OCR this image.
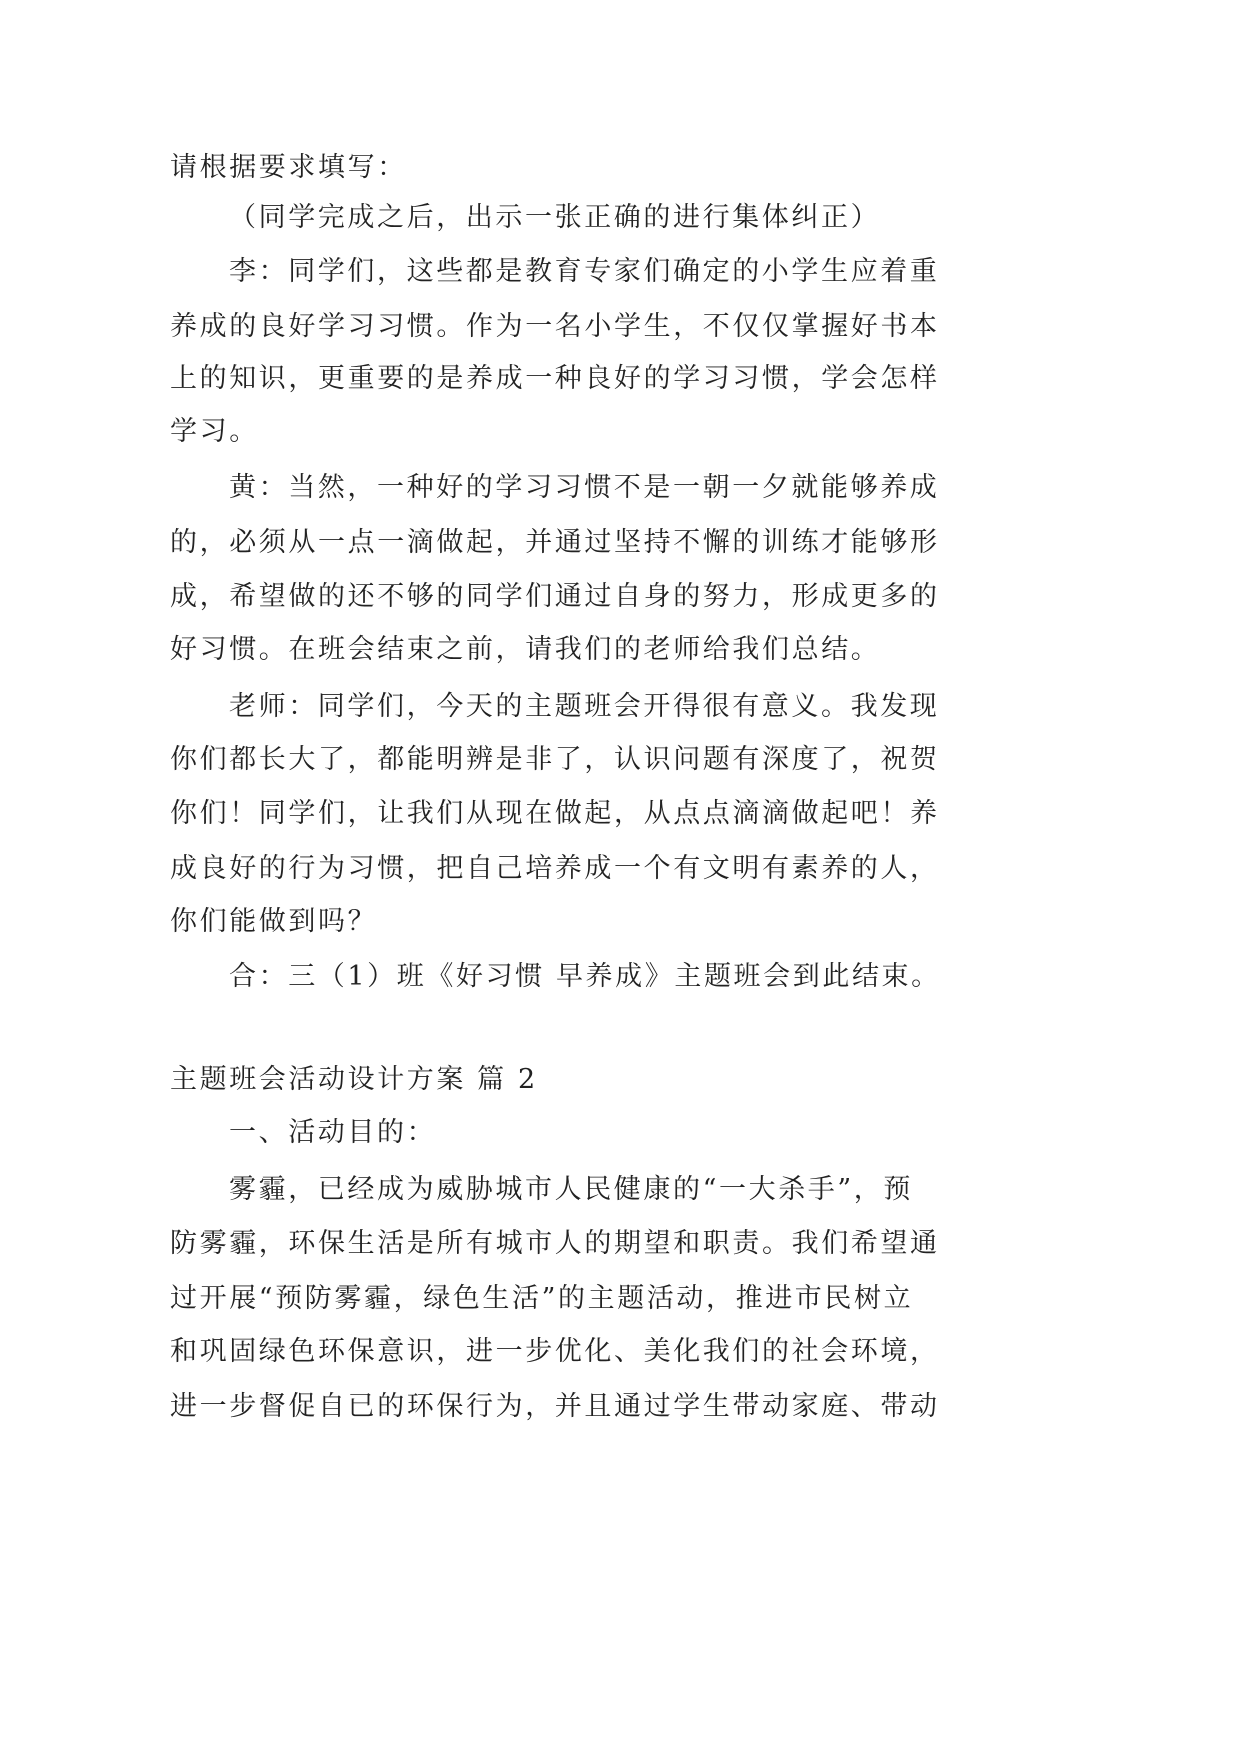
请根据要求填写：
（同学完成之后，出示一张正确的进行集体纠正）
李：同学们，这些都是教育专家们确定的小学生应着重
养成的良好学习习惯。作为一名小学生，不仅仅掌握好书本
上的知识，更重要的是养成一种良好的学习习惯，学会怎样
学习。
黄：当然，一种好的学习习惯不是一朝一夕就能够养成
的，必须从一点一滴做起，并通过坚持不懈的训练才能够形
成，希望做的还不够的同学们通过自身的努力，形成更多的
好习惯。在班会结束之前，请我们的老师给我们总结。
老师：同学们，今天的主题班会开得很有意义。我发现
你们都长大了，都能明辨是非了，认识问题有深度了，祝贺
你们！同学们，让我们从现在做起，从点点滴滴做起吧！养
成良好的行为习惯，把自己培养成一个有文明有素养的人，
你们能做到吗？
合：三（1）班《好习惯 早养成》主题班会到此结束。
主题班会活动设计方案 篇 2
一、活动目的：
雾霾，已经成为威胁城市人民健康的“一大杀手”，预
防雾霾，环保生活是所有城市人的期望和职责。我们希望通
过开展“预防雾霾，绿色生活”的主题活动，推进市民树立
和巩固绿色环保意识，进一步优化、美化我们的社会环境，
进一步督促自已的环保行为，并且通过学生带动家庭、带动
